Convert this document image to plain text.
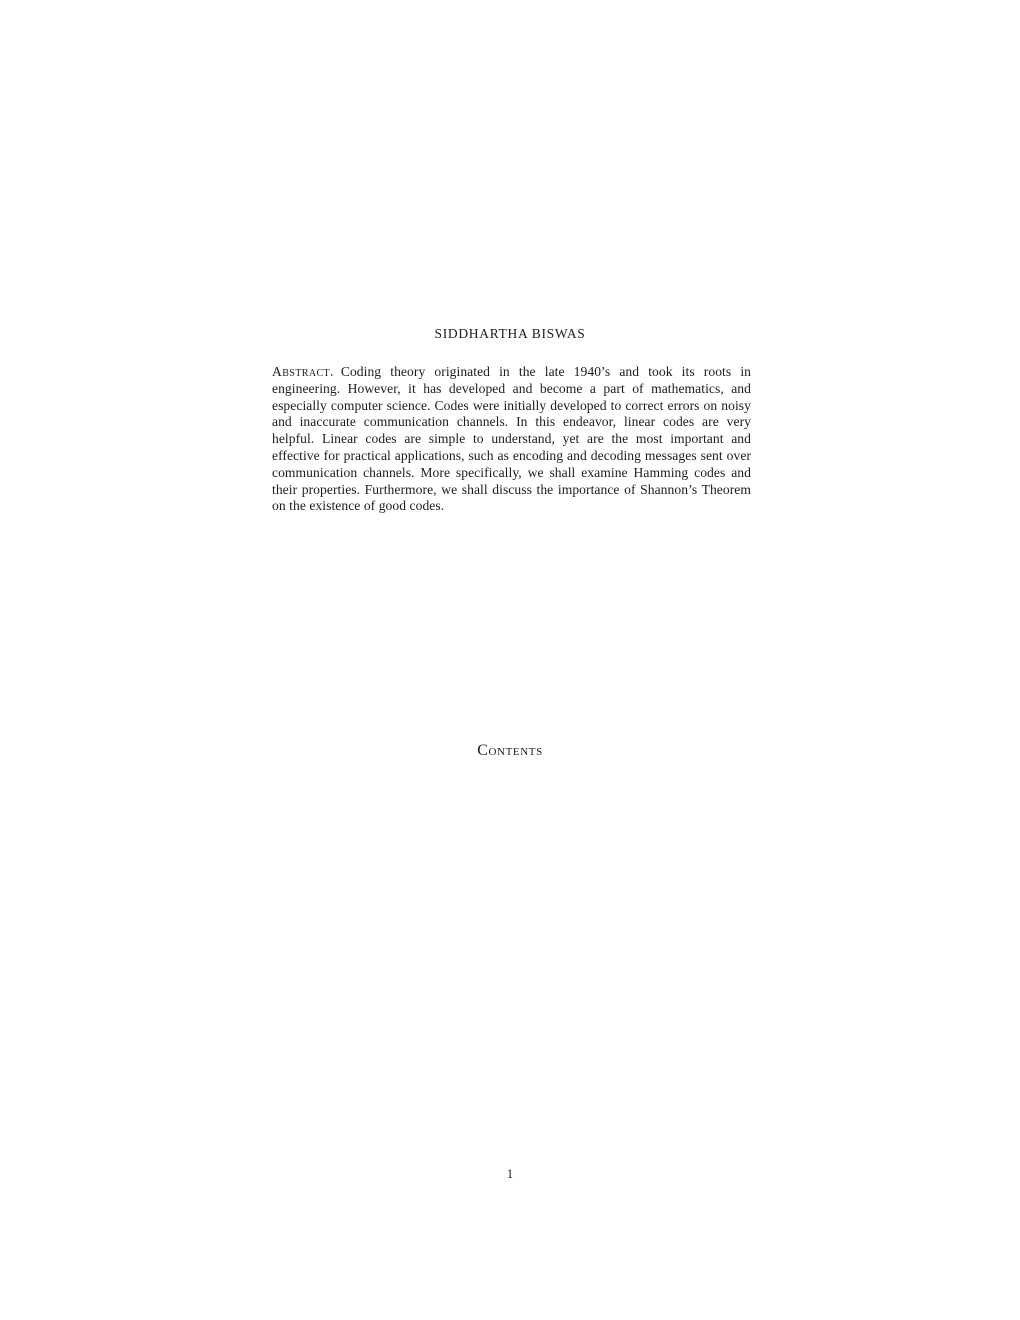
SIDDHARTHA BISWAS

Abstract. Coding theory originated in the late 1940’s and took its roots in engineering. However, it has developed and become a part of mathematics, and especially computer science. Codes were initially developed to correct errors on noisy and inaccurate communication channels. In this endeavor, linear codes are very helpful. Linear codes are simple to understand, yet are the most important and effective for practical applications, such as encoding and decoding messages sent over communication channels. More specifically, we shall examine Hamming codes and their properties. Furthermore, we shall discuss the importance of Shannon’s Theorem on the existence of good codes.

Contents
1
